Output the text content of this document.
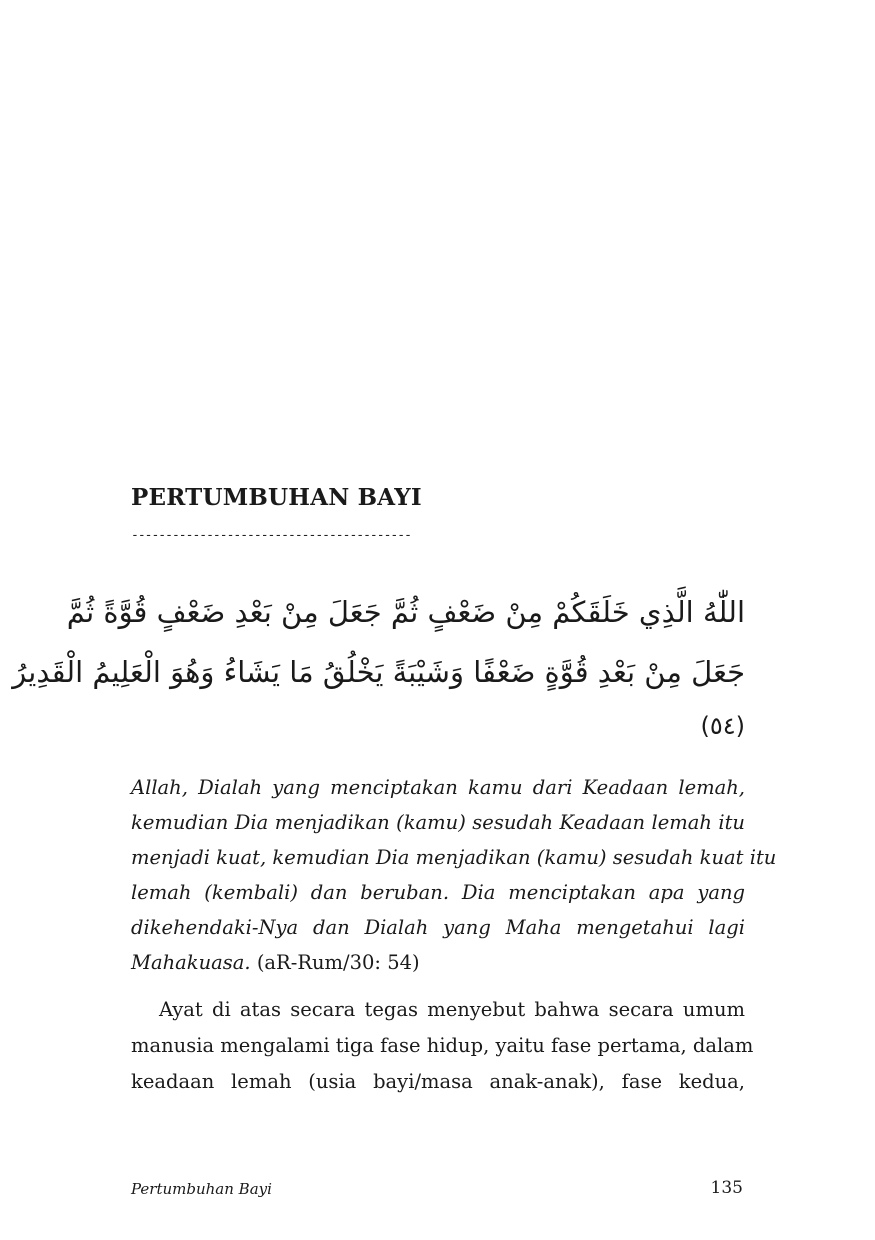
PERTUMBUHAN BAYI
-----------------------------------------
اللّٰهُ الَّذِي خَلَقَكُمْ مِنْ ضَعْفٍ ثُمَّ جَعَلَ مِنْ بَعْدِ ضَعْفٍ قُوَّةً ثُمَّ
جَعَلَ مِنْ بَعْدِ قُوَّةٍ ضَعْفًا وَشَيْبَةً يَخْلُقُ مَا يَشَاءُ وَهُوَ الْعَلِيمُ الْقَدِيرُ
(٥٤)
Allah, Dialah yang menciptakan kamu dari Keadaan lemah,
kemudian Dia menjadikan (kamu) sesudah Keadaan lemah itu
menjadi kuat, kemudian Dia menjadikan (kamu) sesudah kuat itu
lemah (kembali) dan beruban. Dia menciptakan apa yang
dikehendaki-Nya dan Dialah yang Maha mengetahui lagi
Mahakuasa. (aR-Rum/30: 54)
Ayat di atas secara tegas menyebut bahwa secara umum
manusia mengalami tiga fase hidup, yaitu fase pertama, dalam
keadaan lemah (usia bayi/masa anak-anak), fase kedua,
Pertumbuhan Bayi	135
